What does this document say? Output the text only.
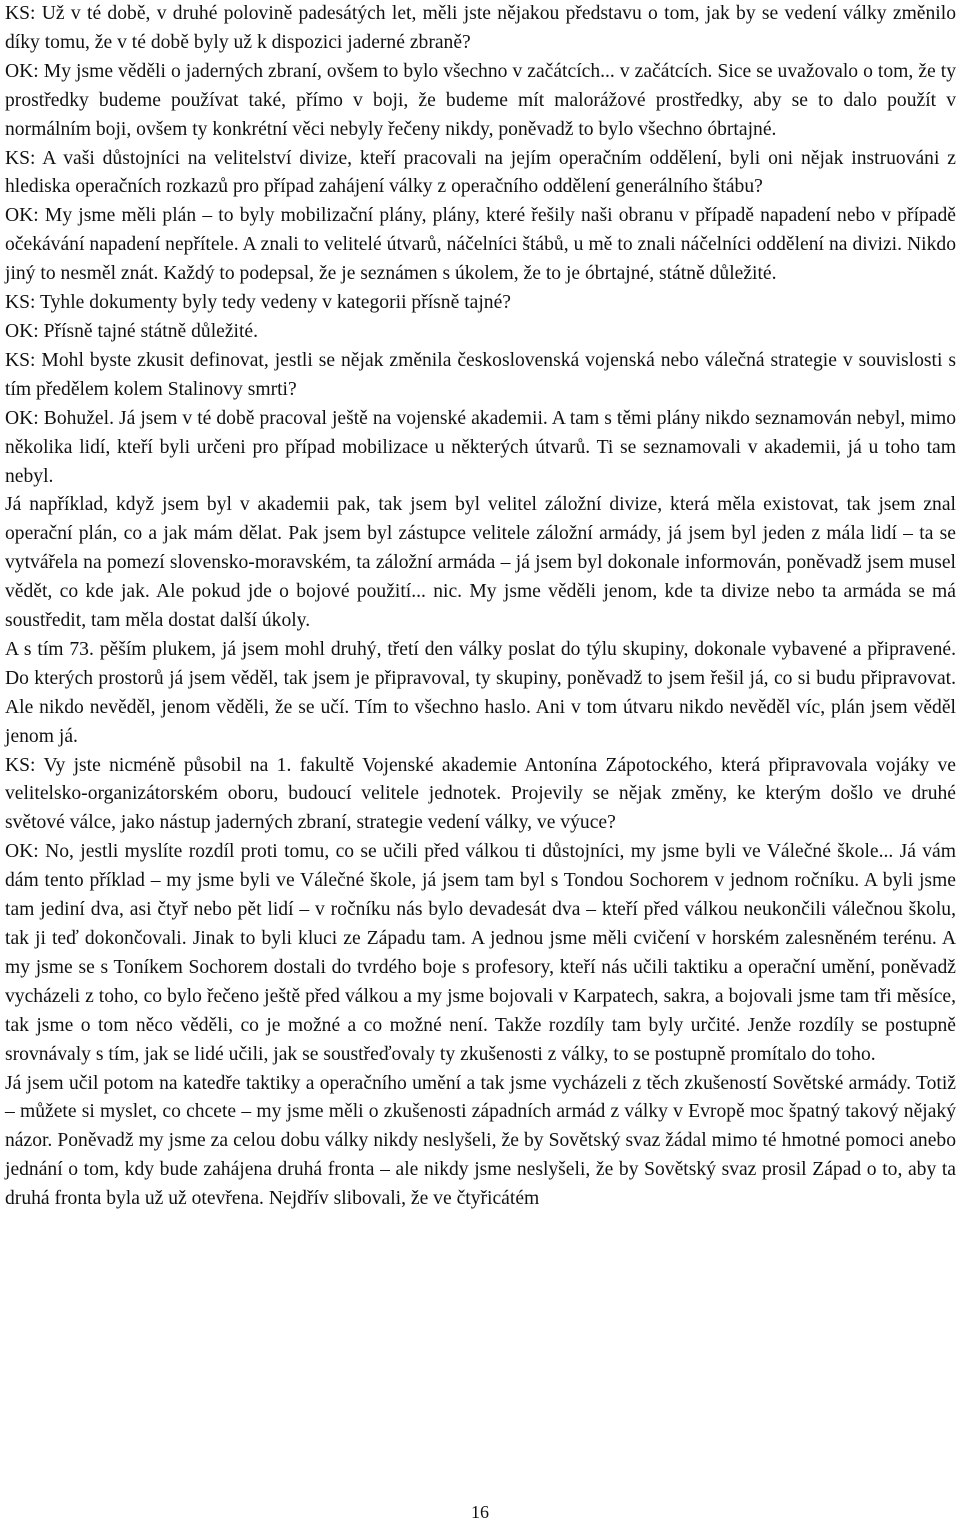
KS: Už v té době, v druhé polovině padesátých let, měli jste nějakou představu o tom, jak by se vedení války změnilo díky tomu, že v té době byly už k dispozici jaderné zbraně?

OK: My jsme věděli o jaderných zbraní, ovšem to bylo všechno v začátcích... v začátcích. Sice se uvažovalo o tom, že ty prostředky budeme používat také, přímo v boji, že budeme mít malorážové prostředky, aby se to dalo použít v normálním boji, ovšem ty konkrétní věci nebyly řečeny nikdy, poněvadž to bylo všechno óbrtajné.

KS: A vaši důstojníci na velitelství divize, kteří pracovali na jejím operačním oddělení, byli oni nějak instruováni z hlediska operačních rozkazů pro případ zahájení války z operačního oddělení generálního štábu?

OK: My jsme měli plán – to byly mobilizační plány, plány, které řešily naši obranu v případě napadení nebo v případě očekávání napadení nepřítele. A znali to velitelé útvarů, náčelníci štábů, u mě to znali náčelníci oddělení na divizi. Nikdo jiný to nesměl znát. Každý to podepsal, že je seznámen s úkolem, že to je óbrtajné, státně důležité.

KS: Tyhle dokumenty byly tedy vedeny v kategorii přísně tajné?

OK: Přísně tajné státně důležité.

KS: Mohl byste zkusit definovat, jestli se nějak změnila československá vojenská nebo válečná strategie v souvislosti s tím předělem kolem Stalinovy smrti?

OK: Bohužel. Já jsem v té době pracoval ještě na vojenské akademii. A tam s těmi plány nikdo seznamován nebyl, mimo několika lidí, kteří byli určeni pro případ mobilizace u některých útvarů. Ti se seznamovali v akademii, já u toho tam nebyl.

Já například, když jsem byl v akademii pak, tak jsem byl velitel záložní divize, která měla existovat, tak jsem znal operační plán, co a jak mám dělat. Pak jsem byl zástupce velitele záložní armády, já jsem byl jeden z mála lidí – ta se vytvářela na pomezí slovensko-moravském, ta záložní armáda – já jsem byl dokonale informován, poněvadž jsem musel vědět, co kde jak. Ale pokud jde o bojové použití... nic. My jsme věděli jenom, kde ta divize nebo ta armáda se má soustředit, tam měla dostat další úkoly.

A s tím 73. pěším plukem, já jsem mohl druhý, třetí den války poslat do týlu skupiny, dokonale vybavené a připravené. Do kterých prostorů já jsem věděl, tak jsem je připravoval, ty skupiny, poněvadž to jsem řešil já, co si budu připravovat. Ale nikdo nevěděl, jenom věděli, že se učí. Tím to všechno haslo. Ani v tom útvaru nikdo nevěděl víc, plán jsem věděl jenom já.

KS: Vy jste nicméně působil na 1. fakultě Vojenské akademie Antonína Zápotockého, která připravovala vojáky ve velitelsko-organizátorském oboru, budoucí velitele jednotek. Projevily se nějak změny, ke kterým došlo ve druhé světové válce, jako nástup jaderných zbraní, strategie vedení války, ve výuce?

OK: No, jestli myslíte rozdíl proti tomu, co se učili před válkou ti důstojníci, my jsme byli ve Válečné škole... Já vám dám tento příklad – my jsme byli ve Válečné škole, já jsem tam byl s Tondou Sochorem v jednom ročníku. A byli jsme tam jediní dva, asi čtyř nebo pět lidí – v ročníku nás bylo devadesát dva – kteří před válkou neukončili válečnou školu, tak ji teď dokončovali. Jinak to byli kluci ze Západu tam. A jednou jsme měli cvičení v horském zalesněném terénu. A my jsme se s Toníkem Sochorem dostali do tvrdého boje s profesory, kteří nás učili taktiku a operační umění, poněvadž vycházeli z toho, co bylo řečeno ještě před válkou a my jsme bojovali v Karpatech, sakra, a bojovali jsme tam tři měsíce, tak jsme o tom něco věděli, co je možné a co možné není. Takže rozdíly tam byly určité. Jenže rozdíly se postupně srovnávaly s tím, jak se lidé učili, jak se soustřeďovaly ty zkušenosti z války, to se postupně promítalo do toho.

Já jsem učil potom na katedře taktiky a operačního umění a tak jsme vycházeli z těch zkušeností Sovětské armády. Totiž – můžete si myslet, co chcete – my jsme měli o zkušenosti západních armád z války v Evropě moc špatný takový nějaký názor. Poněvadž my jsme za celou dobu války nikdy neslyšeli, že by Sovětský svaz žádal mimo té hmotné pomoci anebo jednání o tom, kdy bude zahájena druhá fronta – ale nikdy jsme neslyšeli, že by Sovětský svaz prosil Západ o to, aby ta druhá fronta byla už už otevřena. Nejdřív slibovali, že ve čtyřicátém

16
